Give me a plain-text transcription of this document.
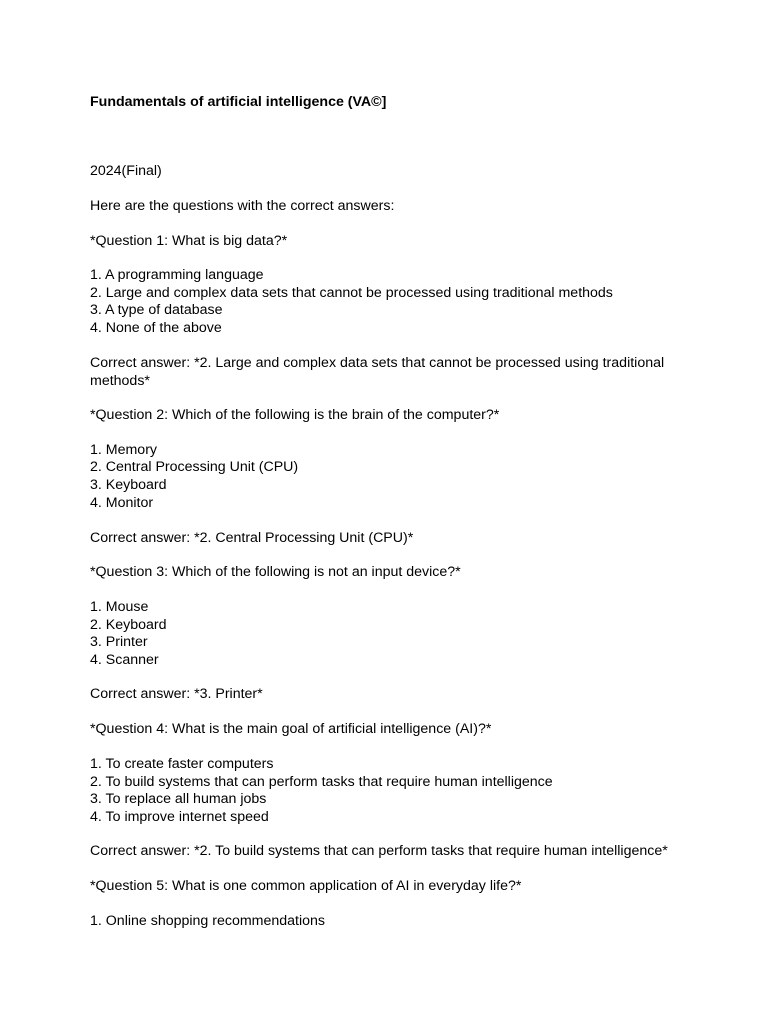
Fundamentals of artificial intelligence (VA©]
2024(Final)
Here are the questions with the correct answers:
*Question 1: What is big data?*
1. A programming language
2. Large and complex data sets that cannot be processed using traditional methods
3. A type of database
4. None of the above
Correct answer: *2. Large and complex data sets that cannot be processed using traditional methods*
*Question 2: Which of the following is the brain of the computer?*
1. Memory
2. Central Processing Unit (CPU)
3. Keyboard
4. Monitor
Correct answer: *2. Central Processing Unit (CPU)*
*Question 3: Which of the following is not an input device?*
1. Mouse
2. Keyboard
3. Printer
4. Scanner
Correct answer: *3. Printer*
*Question 4: What is the main goal of artificial intelligence (AI)?*
1. To create faster computers
2. To build systems that can perform tasks that require human intelligence
3. To replace all human jobs
4. To improve internet speed
Correct answer: *2. To build systems that can perform tasks that require human intelligence*
*Question 5: What is one common application of AI in everyday life?*
1. Online shopping recommendations
